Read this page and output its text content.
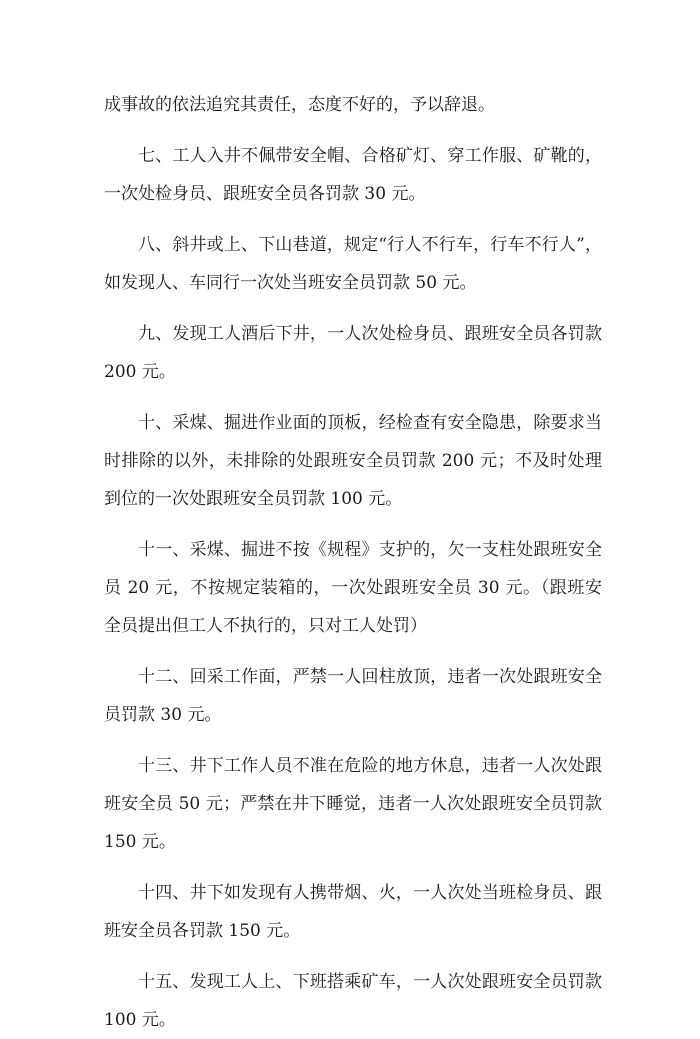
成事故的依法追究其责任，态度不好的，予以辞退。

七、工人入井不佩带安全帽、合格矿灯、穿工作服、矿靴的，一次处检身员、跟班安全员各罚款 30 元。

八、斜井或上、下山巷道，规定“行人不行车，行车不行人”，如发现人、车同行一次处当班安全员罚款 50 元。

九、发现工人酒后下井，一人次处检身员、跟班安全员各罚款 200 元。

十、采煤、掘进作业面的顶板，经检查有安全隐患，除要求当时排除的以外，未排除的处跟班安全员罚款 200 元；不及时处理到位的一次处跟班安全员罚款 100 元。

十一、采煤、掘进不按《规程》支护的，欠一支柱处跟班安全员 20 元，不按规定装箱的，一次处跟班安全员 30 元。（跟班安全员提出但工人不执行的，只对工人处罚）

十二、回采工作面，严禁一人回柱放顶，违者一次处跟班安全员罚款 30 元。

十三、井下工作人员不准在危险的地方休息，违者一人次处跟班安全员 50 元；严禁在井下睡觉，违者一人次处跟班安全员罚款 150 元。

十四、井下如发现有人携带烟、火，一人次处当班检身员、跟班安全员各罚款 150 元。

十五、发现工人上、下班搭乘矿车，一人次处跟班安全员罚款 100 元。
